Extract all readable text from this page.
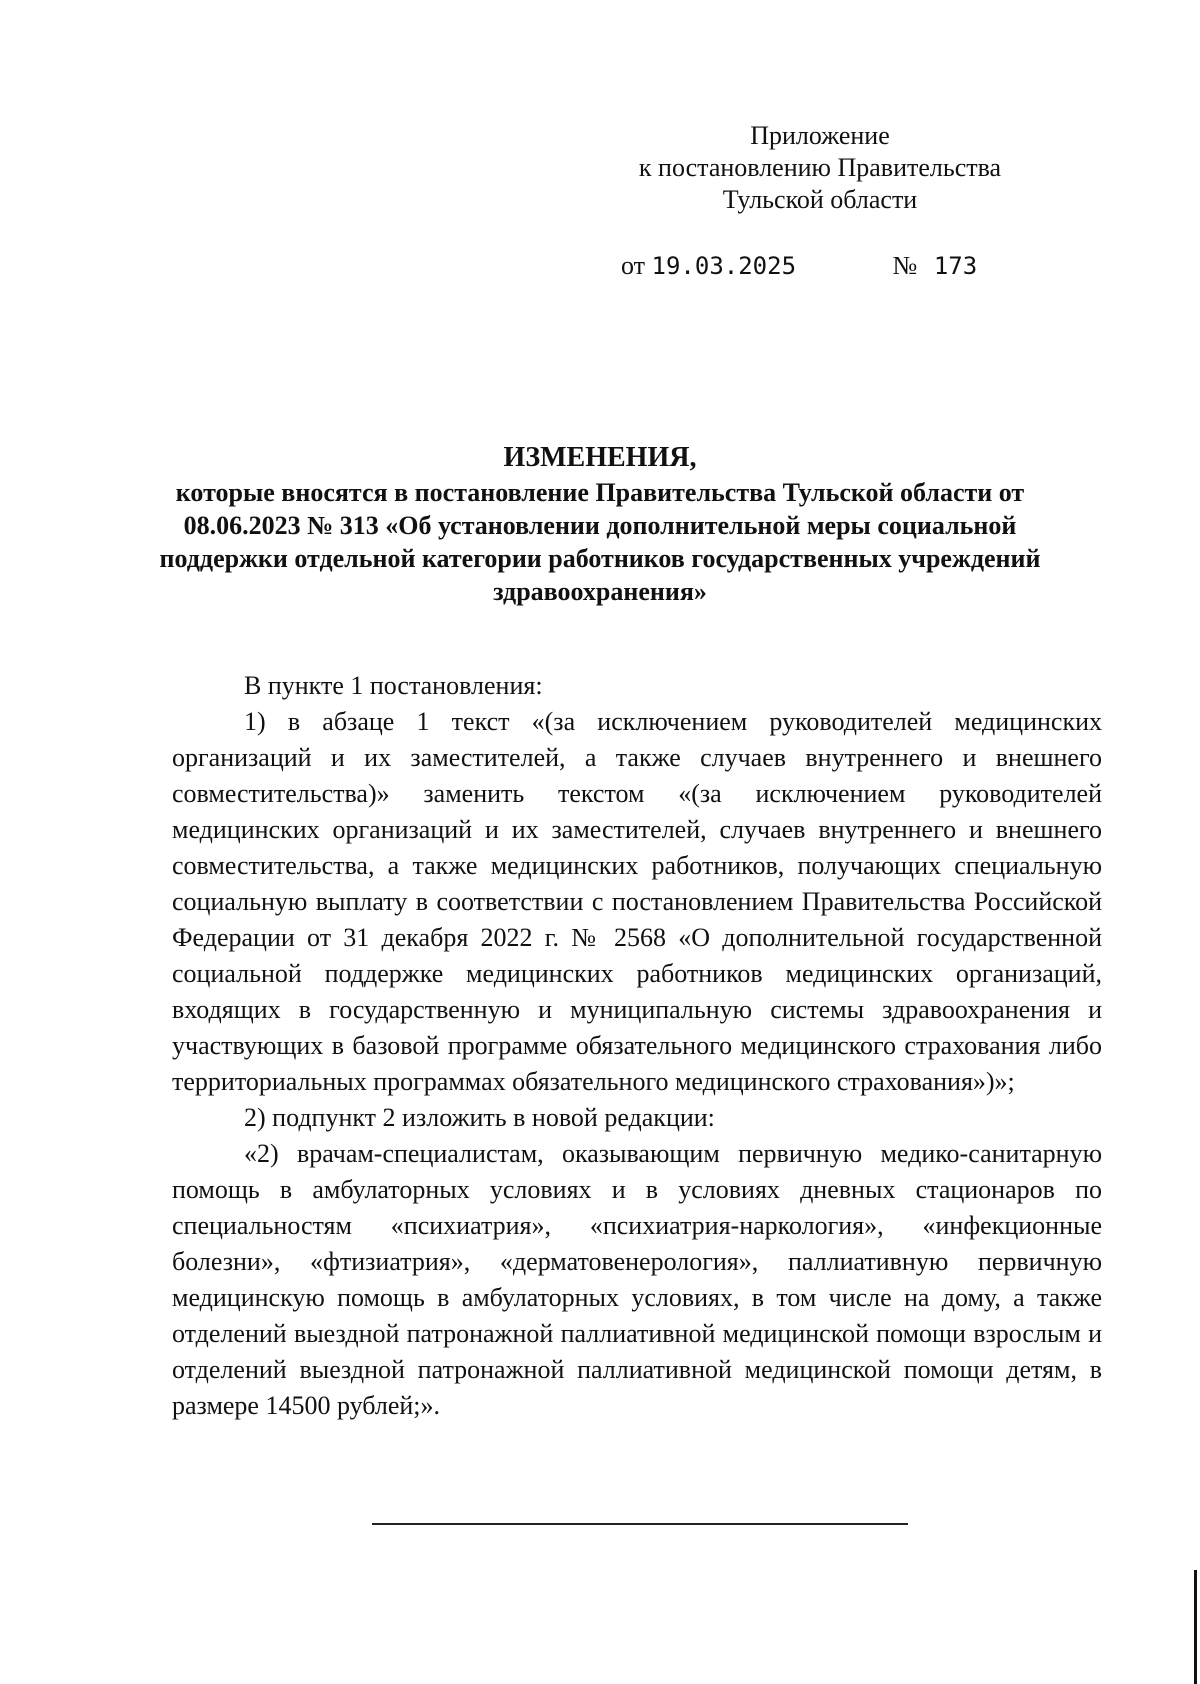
Приложение
к постановлению Правительства
Тульской области
от 19.03.2025	№ 173
ИЗМЕНЕНИЯ,
которые вносятся в постановление Правительства Тульской области от 08.06.2023 № 313 «Об установлении дополнительной меры социальной поддержки отдельной категории работников государственных учреждений здравоохранения»

В пункте 1 постановления:

1) в абзаце 1 текст «(за исключением руководителей медицинских организаций и их заместителей, а также случаев внутреннего и внешнего совместительства)» заменить текстом «(за исключением руководителей медицинских организаций и их заместителей, случаев внутреннего и внешнего совместительства, а также медицинских работников, получающих специальную социальную выплату в соответствии с постановлением Правительства Российской Федерации от 31 декабря 2022 г. № 2568 «О дополнительной государственной социальной поддержке медицинских работников медицинских организаций, входящих в государственную и муниципальную системы здравоохранения и участвующих в базовой программе обязательного медицинского страхования либо территориальных программах обязательного медицинского страхования»)»;

2) подпункт 2 изложить в новой редакции:

«2) врачам-специалистам, оказывающим первичную медико-санитарную помощь в амбулаторных условиях и в условиях дневных стационаров по специальностям «психиатрия», «психиатрия-наркология», «инфекционные болезни», «фтизиатрия», «дерматовенерология», паллиативную первичную медицинскую помощь в амбулаторных условиях, в том числе на дому, а также отделений выездной патронажной паллиативной медицинской помощи взрослым и отделений выездной патронажной паллиативной медицинской помощи детям, в размере 14500 рублей;».
